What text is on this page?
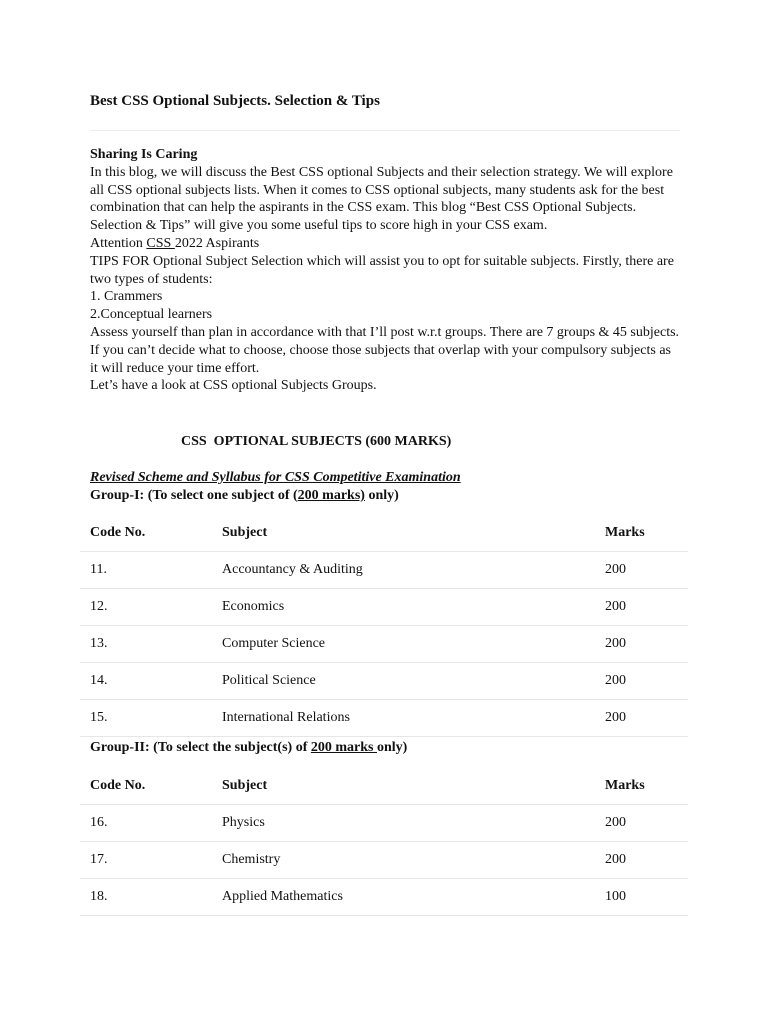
Best CSS Optional Subjects. Selection & Tips

Sharing Is Caring

In this blog, we will discuss the Best CSS optional Subjects and their selection strategy. We will explore all CSS optional subjects lists. When it comes to CSS optional subjects, many students ask for the best combination that can help the aspirants in the CSS exam. This blog “Best CSS Optional Subjects. Selection & Tips” will give you some useful tips to score high in your CSS exam.

Attention CSS 2022 Aspirants

TIPS FOR Optional Subject Selection which will assist you to opt for suitable subjects. Firstly, there are two types of students:

1. Crammers

2.Conceptual learners

Assess yourself than plan in accordance with that I’ll post w.r.t groups. There are 7 groups & 45 subjects. If you can’t decide what to choose, choose those subjects that overlap with your compulsory subjects as it will reduce your time effort.

Let’s have a look at CSS optional Subjects Groups.

CSS  OPTIONAL SUBJECTS (600 MARKS)
Revised Scheme and Syllabus for CSS Competitive Examination
Group-I: (To select one subject of (200 marks) only)
Code No.	Subject	Marks
11.	Accountancy & Auditing	200
12.	Economics	200
13.	Computer Science	200
14.	Political Science	200
15.	International Relations	200
Group-II: (To select the subject(s) of 200 marks only)
Code No.	Subject	Marks
16.	Physics	200
17.	Chemistry	200
18.	Applied Mathematics	100
